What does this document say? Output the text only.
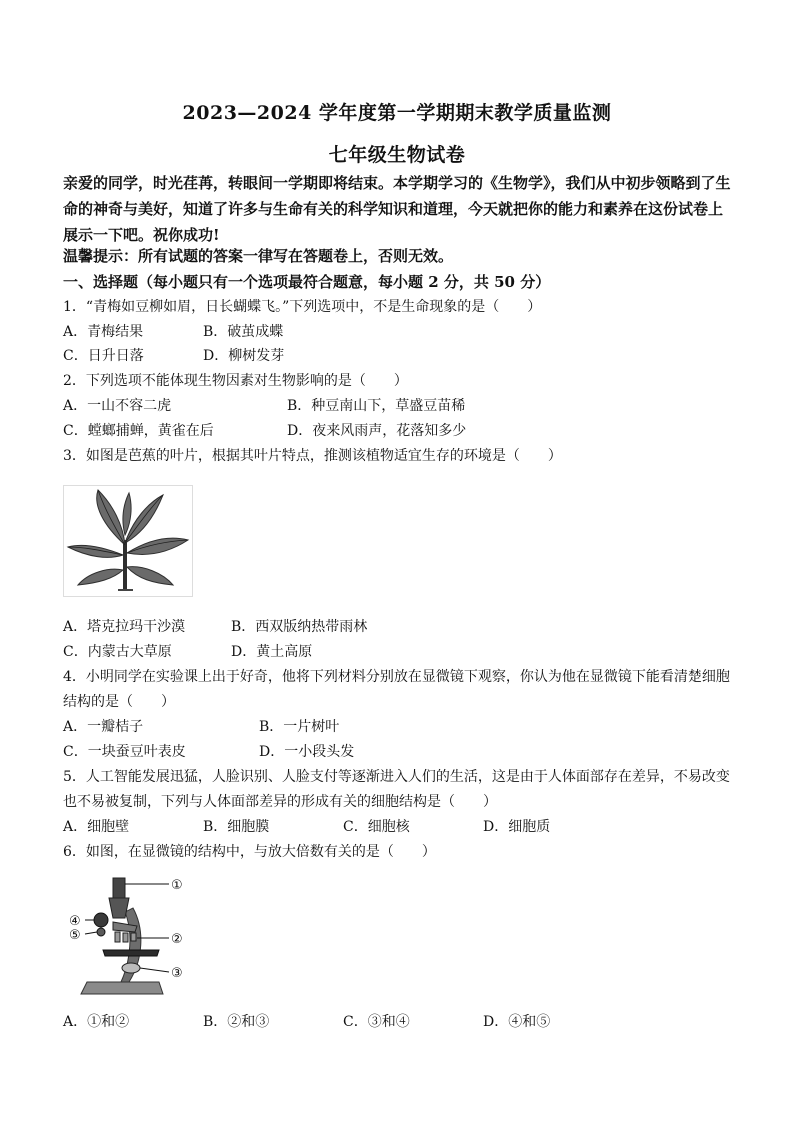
2023—2024 学年度第一学期期末教学质量监测
七年级生物试卷
亲爱的同学，时光荏苒，转眼间一学期即将结束。本学期学习的《生物学》，我们从中初步领略到了生命的神奇与美好，知道了许多与生命有关的科学知识和道理，今天就把你的能力和素养在这份试卷上展示一下吧。祝你成功!
温馨提示：所有试题的答案一律写在答题卷上，否则无效。
一、选择题（每小题只有一个选项最符合题意，每小题 2 分，共 50 分）
1．“青梅如豆柳如眉，日长蝴蝶飞。”下列选项中，不是生命现象的是（　　）
A．青梅结果	B．破茧成蝶
C．日升日落	D．柳树发芽
2．下列选项不能体现生物因素对生物影响的是（　　）
A．一山不容二虎	B．种豆南山下，草盛豆苗稀
C．螳螂捕蝉，黄雀在后	D．夜来风雨声，花落知多少
3．如图是芭蕉的叶片，根据其叶片特点，推测该植物适宜生存的环境是（　　）
A．塔克拉玛干沙漠	B．西双版纳热带雨林
C．内蒙古大草原	D．黄土高原
4．小明同学在实验课上出于好奇，他将下列材料分别放在显微镜下观察，你认为他在显微镜下能看清楚细胞
结构的是（　　）
A．一瓣桔子	B．一片树叶
C．一块蚕豆叶表皮	D．一小段头发
5．人工智能发展迅猛，人脸识别、人脸支付等逐渐进入人们的生活，这是由于人体面部存在差异，不易改变
也不易被复制，下列与人体面部差异的形成有关的细胞结构是（　　）
A．细胞壁	B．细胞膜	C．细胞核	D．细胞质
6．如图，在显微镜的结构中，与放大倍数有关的是（　　）
①
②
③
④
⑤
A．①和②	B．②和③	C．③和④	D．④和⑤
